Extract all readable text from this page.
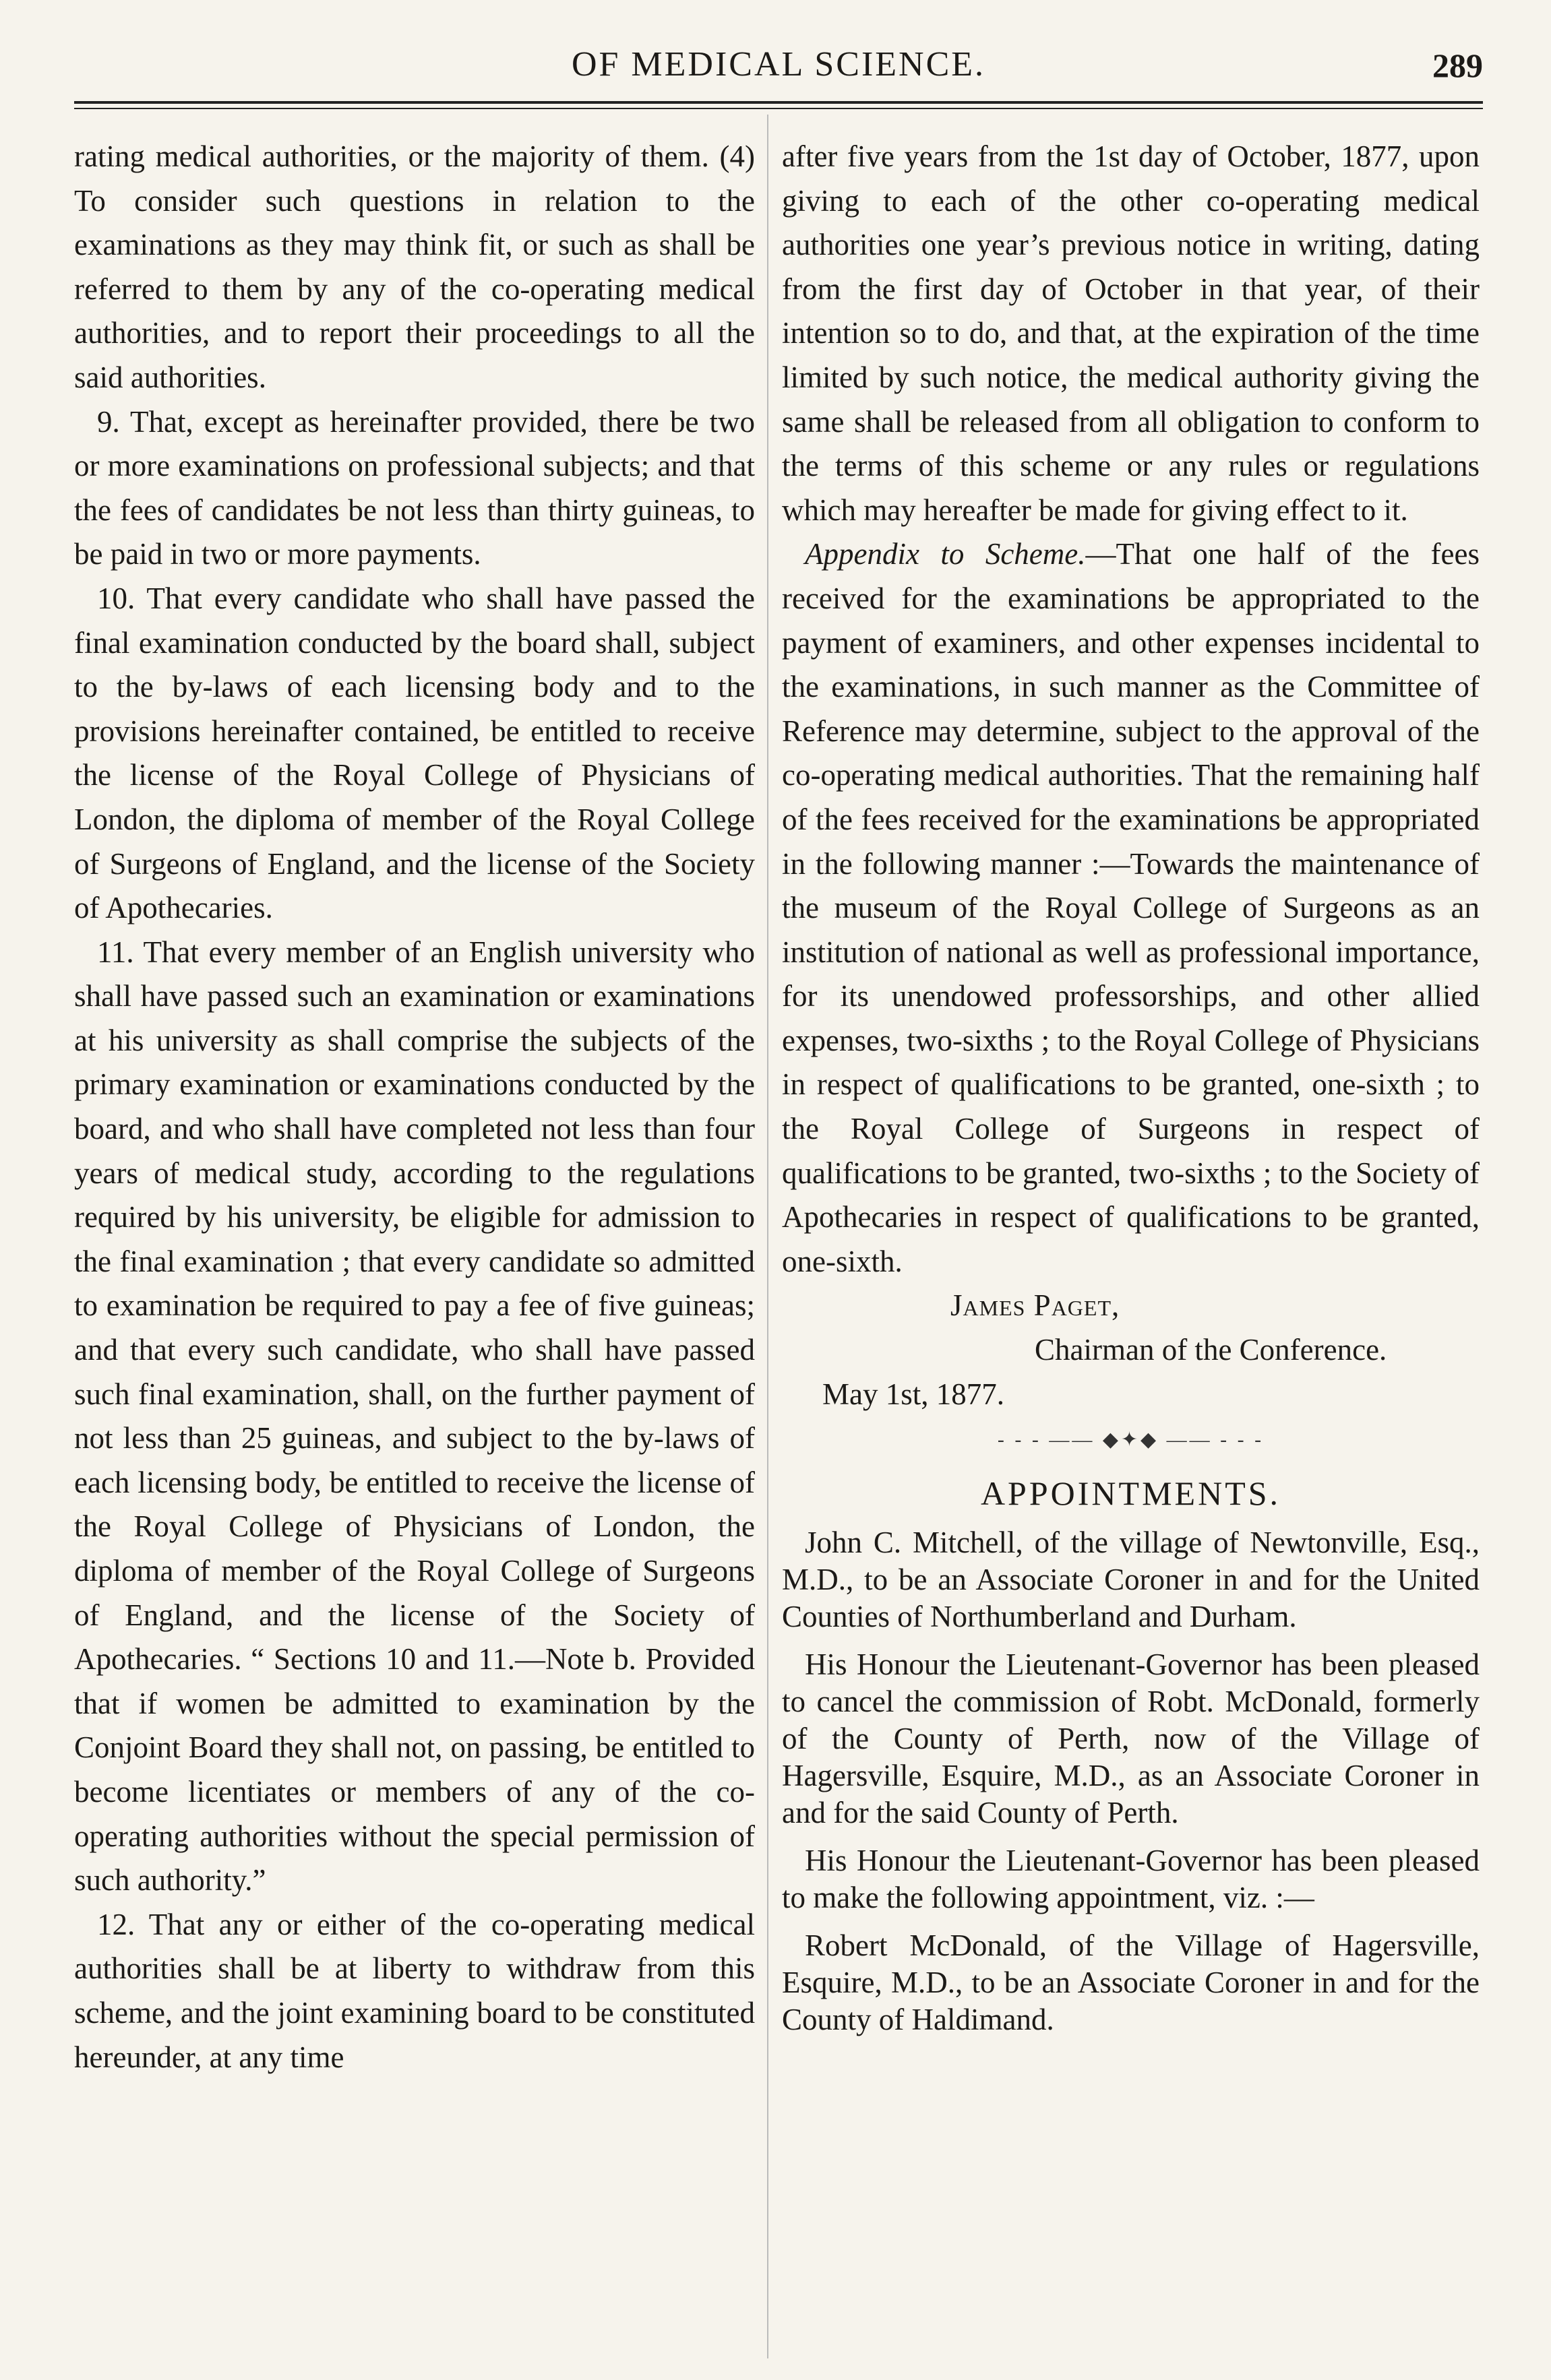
OF MEDICAL SCIENCE.	289

rating medical authorities, or the majority of them. (4) To consider such questions in relation to the examinations as they may think fit, or such as shall be referred to them by any of the co-operating medical authorities, and to report their proceedings to all the said authorities.

9. That, except as hereinafter provided, there be two or more examinations on professional subjects; and that the fees of candidates be not less than thirty guineas, to be paid in two or more payments.

10. That every candidate who shall have passed the final examination conducted by the board shall, subject to the by-laws of each licensing body and to the provisions hereinafter contained, be entitled to receive the license of the Royal College of Physicians of London, the diploma of member of the Royal College of Surgeons of England, and the license of the Society of Apothecaries.

11. That every member of an English university who shall have passed such an examination or examinations at his university as shall comprise the subjects of the primary examination or examinations conducted by the board, and who shall have completed not less than four years of medical study, according to the regulations required by his university, be eligible for admission to the final examination ; that every candidate so admitted to examination be required to pay a fee of five guineas; and that every such candidate, who shall have passed such final examination, shall, on the further payment of not less than 25 guineas, and subject to the by-laws of each licensing body, be entitled to receive the license of the Royal College of Physicians of London, the diploma of member of the Royal College of Surgeons of England, and the license of the Society of Apothecaries. “ Sections 10 and 11.—Note b. Provided that if women be admitted to examination by the Conjoint Board they shall not, on passing, be entitled to become licentiates or members of any of the co-operating authorities without the special permission of such authority.”

12. That any or either of the co-operating medical authorities shall be at liberty to withdraw from this scheme, and the joint examining board to be constituted hereunder, at any time

after five years from the 1st day of October, 1877, upon giving to each of the other co-operating medical authorities one year’s previous notice in writing, dating from the first day of October in that year, of their intention so to do, and that, at the expiration of the time limited by such notice, the medical authority giving the same shall be released from all obligation to conform to the terms of this scheme or any rules or regulations which may hereafter be made for giving effect to it.

Appendix to Scheme.—That one half of the fees received for the examinations be appropriated to the payment of examiners, and other expenses incidental to the examinations, in such manner as the Committee of Reference may determine, subject to the approval of the co-operating medical authorities. That the remaining half of the fees received for the examinations be appropriated in the following manner :—Towards the maintenance of the museum of the Royal College of Surgeons as an institution of national as well as professional importance, for its unendowed professorships, and other allied expenses, two-sixths ; to the Royal College of Physicians in respect of qualifications to be granted, one-sixth ; to the Royal College of Surgeons in respect of qualifications to be granted, two-sixths ; to the Society of Apothecaries in respect of qualifications to be granted, one-sixth.

James Paget,

Chairman of the Conference.

May 1st, 1877.

- - - —— ◆✦◆ —— - - -
APPOINTMENTS.

John C. Mitchell, of the village of Newtonville, Esq., M.D., to be an Associate Coroner in and for the United Counties of Northumberland and Durham.

His Honour the Lieutenant-Governor has been pleased to cancel the commission of Robt. McDonald, formerly of the County of Perth, now of the Village of Hagersville, Esquire, M.D., as an Associate Coroner in and for the said County of Perth.

His Honour the Lieutenant-Governor has been pleased to make the following appointment, viz. :—

Robert McDonald, of the Village of Hagersville, Esquire, M.D., to be an Associate Coroner in and for the County of Haldimand.
